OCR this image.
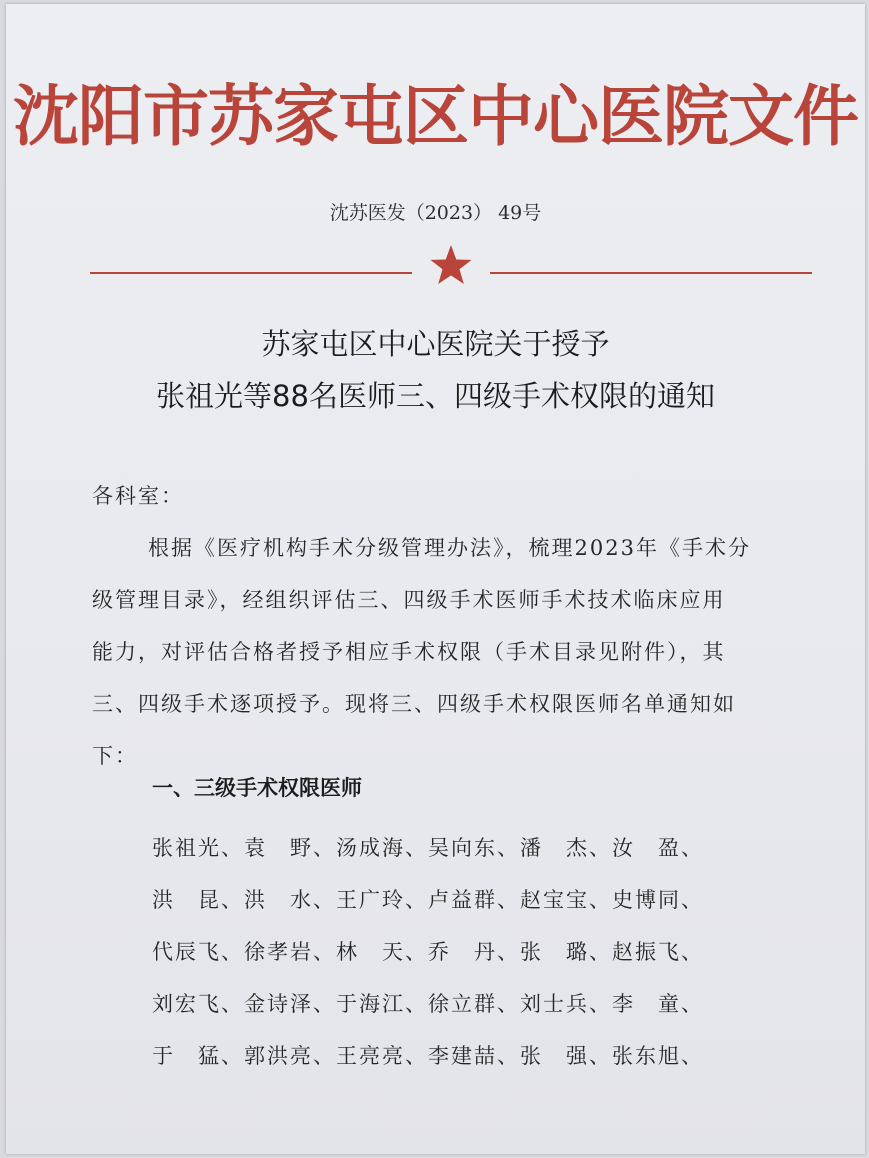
沈阳市苏家屯区中心医院文件
沈苏医发（2023） 49号
苏家屯区中心医院关于授予
张祖光等88名医师三、四级手术权限的通知
各科室：
根据《医疗机构手术分级管理办法》，梳理2023年《手术分
级管理目录》，经组织评估三、四级手术医师手术技术临床应用
能力，对评估合格者授予相应手术权限（手术目录见附件），其
三、四级手术逐项授予。现将三、四级手术权限医师名单通知如
下：
一、三级手术权限医师
张祖光、袁　野、汤成海、吴向东、潘　杰、汝　盈、
洪　昆、洪　水、王广玲、卢益群、赵宝宝、史博同、
代辰飞、徐孝岩、林　天、乔　丹、张　璐、赵振飞、
刘宏飞、金诗泽、于海江、徐立群、刘士兵、李　童、
于　猛、郭洪亮、王亮亮、李建喆、张　强、张东旭、
